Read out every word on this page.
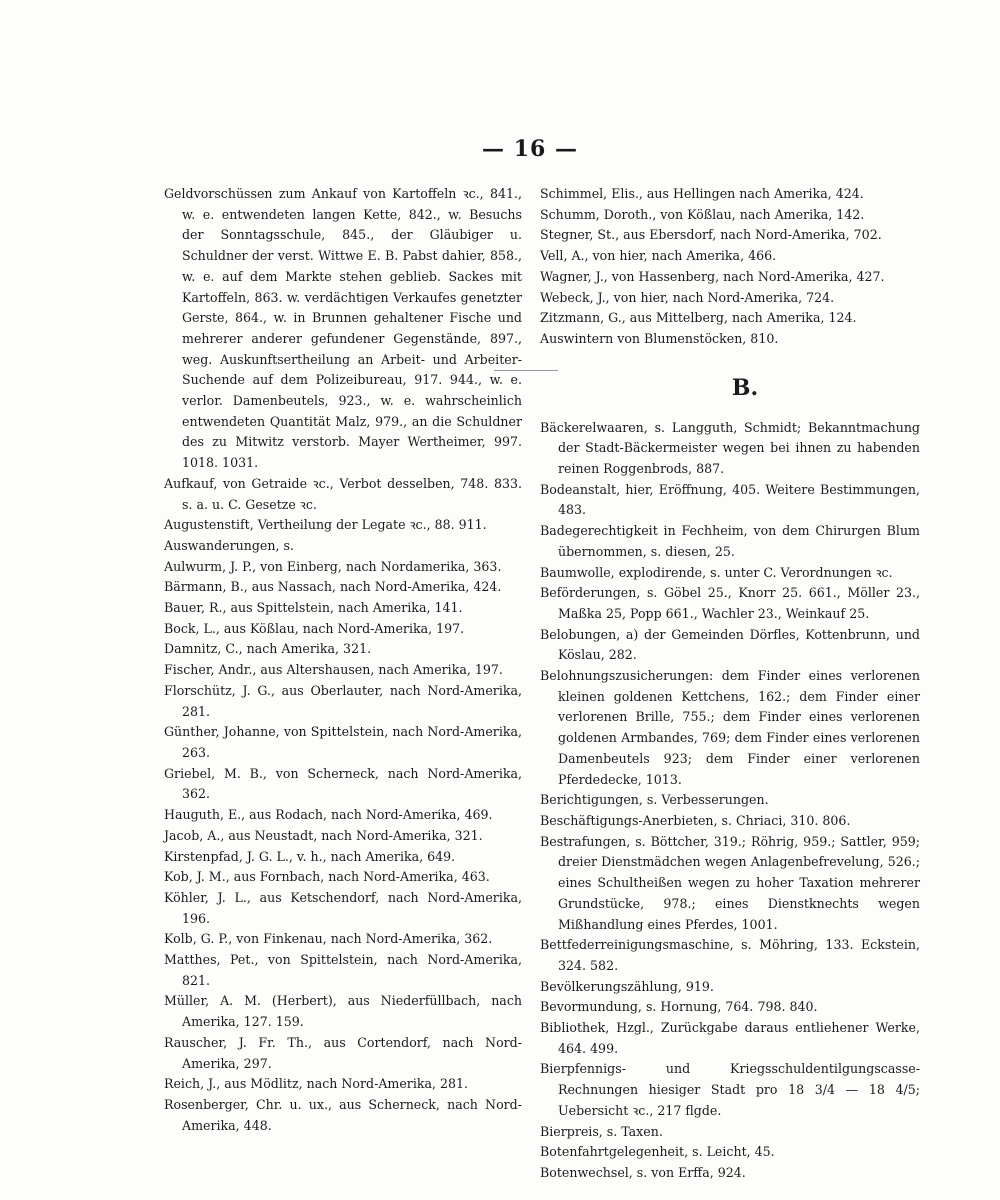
— 16 —

Geldvorschüssen zum Ankauf von Kartoffeln ꝛc., 841., w. e. entwendeten langen Kette, 842., w. Besuchs der Sonntagsschule, 845., der Gläubiger u. Schuldner der verst. Wittwe E. B. Pabst dahier, 858., w. e. auf dem Markte stehen geblieb. Sackes mit Kartoffeln, 863. w. verdächtigen Verkaufes genetzter Gerste, 864., w. in Brunnen gehaltener Fische und mehrerer anderer gefundener Gegenstände, 897., weg. Auskunftsertheilung an Arbeit- und Arbeiter-Suchende auf dem Polizeibureau, 917. 944., w. e. verlor. Damenbeutels, 923., w. e. wahrscheinlich entwendeten Quantität Malz, 979., an die Schuldner des zu Mitwitz verstorb. Mayer Wertheimer, 997. 1018. 1031.

Aufkauf, von Getraide ꝛc., Verbot desselben, 748. 833. s. a. u. C. Gesetze ꝛc.

Augustenstift, Vertheilung der Legate ꝛc., 88. 911.

Auswanderungen, s.

Aulwurm, J. P., von Einberg, nach Nordamerika, 363.

Bärmann, B., aus Nassach, nach Nord-Amerika, 424.

Bauer, R., aus Spittelstein, nach Amerika, 141.

Bock, L., aus Kößlau, nach Nord-Amerika, 197.

Damnitz, C., nach Amerika, 321.

Fischer, Andr., aus Altershausen, nach Amerika, 197.

Florschütz, J. G., aus Oberlauter, nach Nord-Amerika, 281.

Günther, Johanne, von Spittelstein, nach Nord-Amerika, 263.

Griebel, M. B., von Scherneck, nach Nord-Amerika, 362.

Hauguth, E., aus Rodach, nach Nord-Amerika, 469.

Jacob, A., aus Neustadt, nach Nord-Amerika, 321.

Kirstenpfad, J. G. L., v. h., nach Amerika, 649.

Kob, J. M., aus Fornbach, nach Nord-Amerika, 463.

Köhler, J. L., aus Ketschendorf, nach Nord-Amerika, 196.

Kolb, G. P., von Finkenau, nach Nord-Amerika, 362.

Matthes, Pet., von Spittelstein, nach Nord-Amerika, 821.

Müller, A. M. (Herbert), aus Niederfüllbach, nach Amerika, 127. 159.

Rauscher, J. Fr. Th., aus Cortendorf, nach Nord-Amerika, 297.

Reich, J., aus Mödlitz, nach Nord-Amerika, 281.

Rosenberger, Chr. u. ux., aus Scherneck, nach Nord-Amerika, 448.

Schimmel, Elis., aus Hellingen nach Amerika, 424.

Schumm, Doroth., von Kößlau, nach Amerika, 142.

Stegner, St., aus Ebersdorf, nach Nord-Amerika, 702.

Vell, A., von hier, nach Amerika, 466.

Wagner, J., von Hassenberg, nach Nord-Amerika, 427.

Webeck, J., von hier, nach Nord-Amerika, 724.

Zitzmann, G., aus Mittelberg, nach Amerika, 124.

Auswintern von Blumenstöcken, 810.

B.

Bäckerelwaaren, s. Langguth, Schmidt; Bekanntmachung der Stadt-Bäckermeister wegen bei ihnen zu habenden reinen Roggenbrods, 887.

Bodeanstalt, hier, Eröffnung, 405. Weitere Bestimmungen, 483.

Badegerechtigkeit in Fechheim, von dem Chirurgen Blum übernommen, s. diesen, 25.

Baumwolle, explodirende, s. unter C. Verordnungen ꝛc.

Beförderungen, s. Göbel 25., Knorr 25. 661., Möller 23., Maßka 25, Popp 661., Wachler 23., Weinkauf 25.

Belobungen, a) der Gemeinden Dörfles, Kottenbrunn, und Köslau, 282.

Belohnungszusicherungen: dem Finder eines verlorenen kleinen goldenen Kettchens, 162.; dem Finder einer verlorenen Brille, 755.; dem Finder eines verlorenen goldenen Armbandes, 769; dem Finder eines verlorenen Damenbeutels 923; dem Finder einer verlorenen Pferdedecke, 1013.

Berichtigungen, s. Verbesserungen.

Beschäftigungs-Anerbieten, s. Chriaci, 310. 806.

Bestrafungen, s. Böttcher, 319.; Röhrig, 959.; Sattler, 959; dreier Dienstmädchen wegen Anlagenbefrevelung, 526.; eines Schultheißen wegen zu hoher Taxation mehrerer Grundstücke, 978.; eines Dienstknechts wegen Mißhandlung eines Pferdes, 1001.

Bettfederreinigungsmaschine, s. Möhring, 133. Eckstein, 324. 582.

Bevölkerungszählung, 919.

Bevormundung, s. Hornung, 764. 798. 840.

Bibliothek, Hzgl., Zurückgabe daraus entliehener Werke, 464. 499.

Bierpfennigs- und Kriegsschuldentilgungscasse-Rechnungen hiesiger Stadt pro 18 3/4 — 18 4/5; Uebersicht ꝛc., 217 flgde.

Bierpreis, s. Taxen.

Botenfahrtgelegenheit, s. Leicht, 45.

Botenwechsel, s. von Erffa, 924.
